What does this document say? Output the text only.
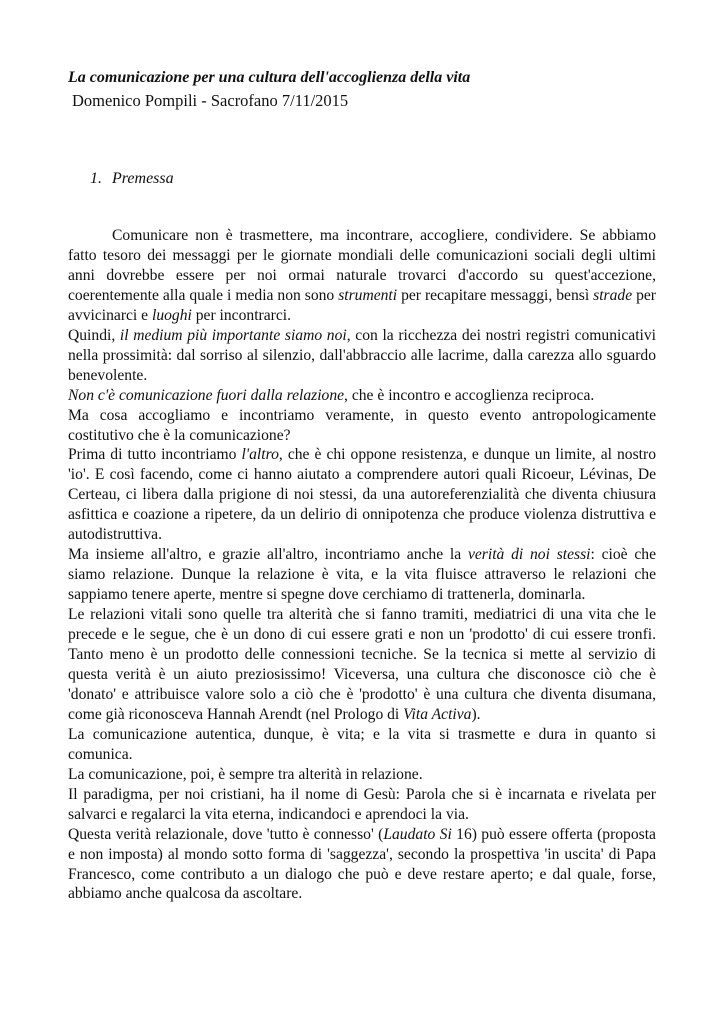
La comunicazione per una cultura dell'accoglienza della vita
Domenico Pompili - Sacrofano 7/11/2015
1. Premessa

Comunicare non è trasmettere, ma incontrare, accogliere, condividere. Se abbiamo fatto tesoro dei messaggi per le giornate mondiali delle comunicazioni sociali degli ultimi anni dovrebbe essere per noi ormai naturale trovarci d'accordo su quest'accezione, coerentemente alla quale i media non sono strumenti per recapitare messaggi, bensì strade per avvicinarci e luoghi per incontrarci.

Quindi, il medium più importante siamo noi, con la ricchezza dei nostri registri comunicativi nella prossimità: dal sorriso al silenzio, dall'abbraccio alle lacrime, dalla carezza allo sguardo benevolente.

Non c'è comunicazione fuori dalla relazione, che è incontro e accoglienza reciproca.

Ma cosa accogliamo e incontriamo veramente, in questo evento antropologicamente costitutivo che è la comunicazione?

Prima di tutto incontriamo l'altro, che è chi oppone resistenza, e dunque un limite, al nostro 'io'. E così facendo, come ci hanno aiutato a comprendere autori quali Ricoeur, Lévinas, De Certeau, ci libera dalla prigione di noi stessi, da una autoreferenzialità che diventa chiusura asfittica e coazione a ripetere, da un delirio di onnipotenza che produce violenza distruttiva e autodistruttiva.

Ma insieme all'altro, e grazie all'altro, incontriamo anche la verità di noi stessi: cioè che siamo relazione. Dunque la relazione è vita, e la vita fluisce attraverso le relazioni che sappiamo tenere aperte, mentre si spegne dove cerchiamo di trattenerla, dominarla.

Le relazioni vitali sono quelle tra alterità che si fanno tramiti, mediatrici di una vita che le precede e le segue, che è un dono di cui essere grati e non un 'prodotto' di cui essere tronfi. Tanto meno è un prodotto delle connessioni tecniche. Se la tecnica si mette al servizio di questa verità è un aiuto preziosissimo! Viceversa, una cultura che disconosce ciò che è 'donato' e attribuisce valore solo a ciò che è 'prodotto' è una cultura che diventa disumana, come già riconosceva Hannah Arendt (nel Prologo di Vita Activa).

La comunicazione autentica, dunque, è vita; e la vita si trasmette e dura in quanto si comunica.

La comunicazione, poi, è sempre tra alterità in relazione.

Il paradigma, per noi cristiani, ha il nome di Gesù: Parola che si è incarnata e rivelata per salvarci e regalarci la vita eterna, indicandoci e aprendoci la via.

Questa verità relazionale, dove 'tutto è connesso' (Laudato Si 16) può essere offerta (proposta e non imposta) al mondo sotto forma di 'saggezza', secondo la prospettiva 'in uscita' di Papa Francesco, come contributo a un dialogo che può e deve restare aperto; e dal quale, forse, abbiamo anche qualcosa da ascoltare.
